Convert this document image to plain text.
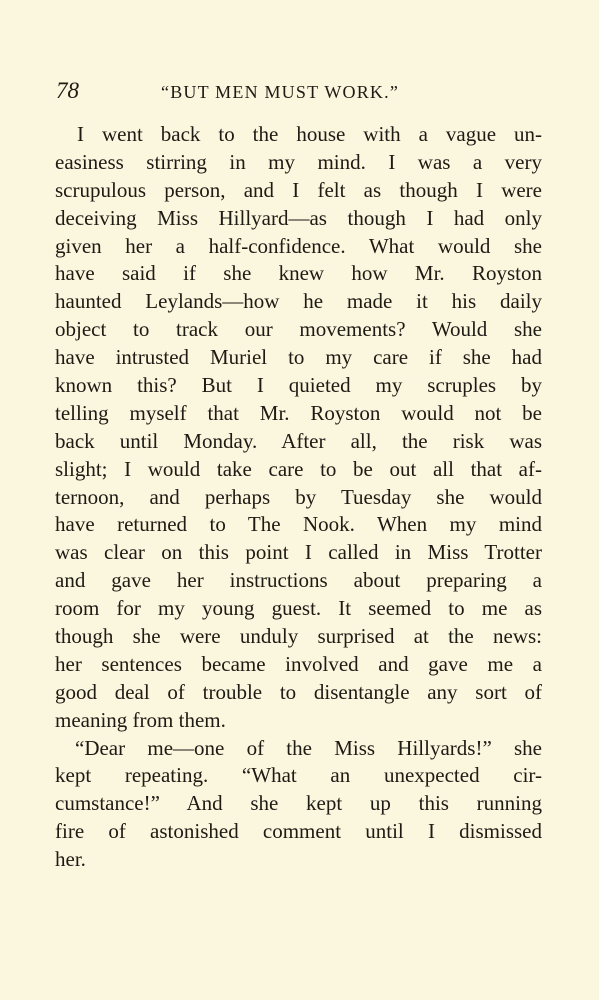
78	“BUT MEN MUST WORK.”
I went back to the house with a vague un-
easiness stirring in my mind. I was a very
scrupulous person, and I felt as though I were
deceiving Miss Hillyard—as though I had only
given her a half-confidence. What would she
have said if she knew how Mr. Royston
haunted Leylands—how he made it his daily
object to track our movements? Would she
have intrusted Muriel to my care if she had
known this? But I quieted my scruples by
telling myself that Mr. Royston would not be
back until Monday. After all, the risk was
slight; I would take care to be out all that af-
ternoon, and perhaps by Tuesday she would
have returned to The Nook. When my mind
was clear on this point I called in Miss Trotter
and gave her instructions about preparing a
room for my young guest. It seemed to me as
though she were unduly surprised at the news:
her sentences became involved and gave me a
good deal of trouble to disentangle any sort of
meaning from them.
“Dear me—one of the Miss Hillyards!” she
kept repeating. “What an unexpected cir-
cumstance!” And she kept up this running
fire of astonished comment until I dismissed
her.
